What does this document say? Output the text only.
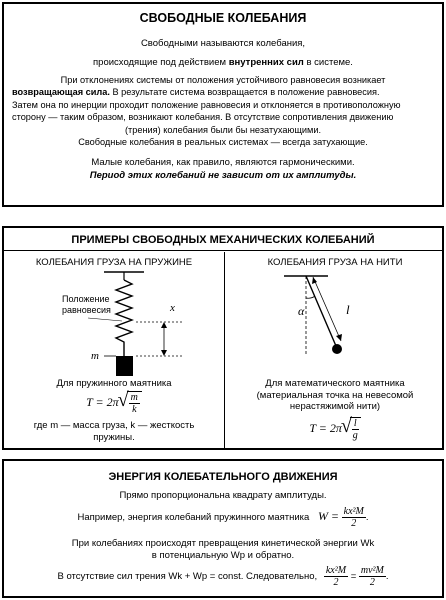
СВОБОДНЫЕ КОЛЕБАНИЯ

Свободными называются колебания,

происходящие под действием внутренних сил в системе.

При отклонениях системы от положения устойчивого равновесия возникает

возвращающая сила. В результате система возвращается в положение равновесия.

Затем она по инерции проходит положение равновесия и отклоняется в противоположную

сторону — таким образом, возникают колебания. В отсутствие сопротивления движению

(трения) колебания были бы незатухающими.

Свободные колебания в реальных системах — всегда затухающие.

Малые колебания, как правило, являются гармоническими.

Период этих колебаний не зависит от их амплитуды.

ПРИМЕРЫ СВОБОДНЫХ МЕХАНИЧЕСКИХ КОЛЕБАНИЙ
КОЛЕБАНИЯ ГРУЗА НА ПРУЖИНЕ

Положение

равновесия	x
m
Для пружинного маятника
T = 2π √ $\frac{m}{k}$

где m — масса груза, k — жесткость

пружины.

КОЛЕБАНИЯ ГРУЗА НА НИТИ
α	l

Для математического маятника

(материальная точка на невесомой

нерастяжимой нити)

T = 2π √ $\frac{l}{g}$
ЭНЕРГИЯ КОЛЕБАТЕЛЬНОГО ДВИЖЕНИЯ
Прямо пропорциональна квадрату амплитуды.
Например, энергия колебаний пружинного маятника $W = \frac{\text{kx²M}}{2}$ .

При колебаниях происходят превращения кинетической энергии Wk

в потенциальную Wp и обратно.

В отсутствие сил трения Wk + Wp = const. Следовательно, $\frac{\text{kx²M}}{2} = \frac{\text{mv²M}}{2}$ .
